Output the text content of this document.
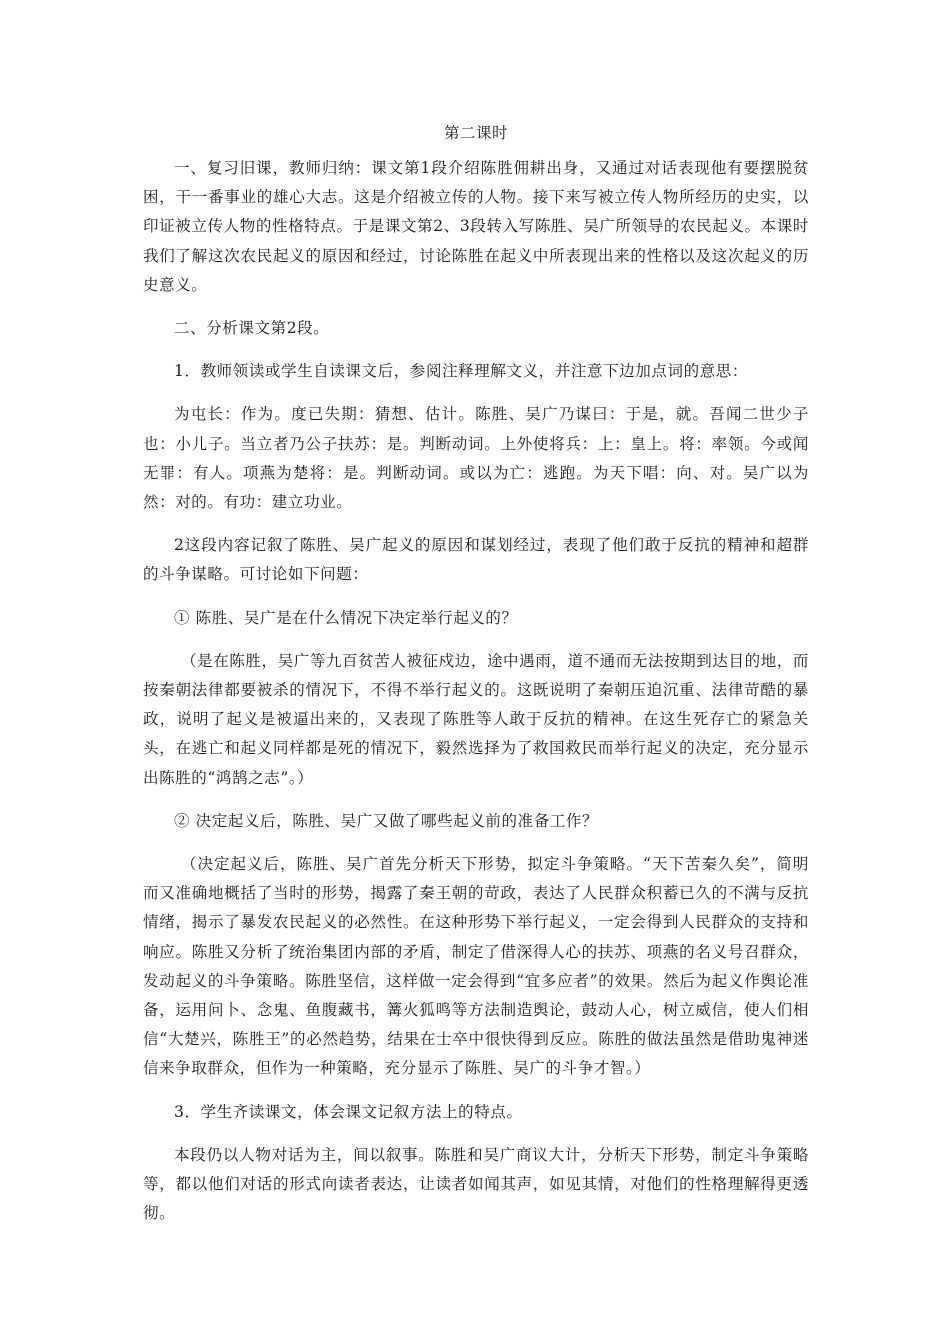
第二课时

一、复习旧课，教师归纳：课文第1段介绍陈胜佣耕出身，又通过对话表现他有要摆脱贫困，干一番事业的雄心大志。这是介绍被立传的人物。接下来写被立传人物所经历的史实，以印证被立传人物的性格特点。于是课文第2、3段转入写陈胜、吴广所领导的农民起义。本课时我们了解这次农民起义的原因和经过，讨论陈胜在起义中所表现出来的性格以及这次起义的历史意义。

二、分析课文第2段。

1．教师领读或学生自读课文后，参阅注释理解文义，并注意下边加点词的意思：

为屯长：作为。度已失期：猜想、估计。陈胜、吴广乃谋曰：于是，就。吾闻二世少子也：小儿子。当立者乃公子扶苏：是。判断动词。上外使将兵：上：皇上。将：率领。今或闻无罪：有人。项燕为楚将：是。判断动词。或以为亡：逃跑。为天下唱：向、对。吴广以为然：对的。有功：建立功业。

2这段内容记叙了陈胜、吴广起义的原因和谋划经过，表现了他们敢于反抗的精神和超群的斗争谋略。可讨论如下问题：

① 陈胜、吴广是在什么情况下决定举行起义的？

（是在陈胜，吴广等九百贫苦人被征戍边，途中遇雨，道不通而无法按期到达目的地，而按秦朝法律都要被杀的情况下，不得不举行起义的。这既说明了秦朝压迫沉重、法律苛酷的暴政，说明了起义是被逼出来的，又表现了陈胜等人敢于反抗的精神。在这生死存亡的紧急关头，在逃亡和起义同样都是死的情况下，毅然选择为了救国救民而举行起义的决定，充分显示出陈胜的“鸿鹄之志”。）

② 决定起义后，陈胜、吴广又做了哪些起义前的准备工作？

（决定起义后，陈胜、吴广首先分析天下形势，拟定斗争策略。“天下苦秦久矣”，简明而又准确地概括了当时的形势，揭露了秦王朝的苛政，表达了人民群众积蓄已久的不满与反抗情绪，揭示了暴发农民起义的必然性。在这种形势下举行起义，一定会得到人民群众的支持和响应。陈胜又分析了统治集团内部的矛盾，制定了借深得人心的扶苏、项燕的名义号召群众，发动起义的斗争策略。陈胜坚信，这样做一定会得到“宜多应者”的效果。然后为起义作舆论准备，运用问卜、念鬼、鱼腹藏书，篝火狐鸣等方法制造舆论，鼓动人心，树立威信，使人们相信“大楚兴，陈胜王”的必然趋势，结果在士卒中很快得到反应。陈胜的做法虽然是借助鬼神迷信来争取群众，但作为一种策略，充分显示了陈胜、吴广的斗争才智。）

3．学生齐读课文，体会课文记叙方法上的特点。

本段仍以人物对话为主，间以叙事。陈胜和吴广商议大计，分析天下形势，制定斗争策略等，都以他们对话的形式向读者表达，让读者如闻其声，如见其情，对他们的性格理解得更透彻。
